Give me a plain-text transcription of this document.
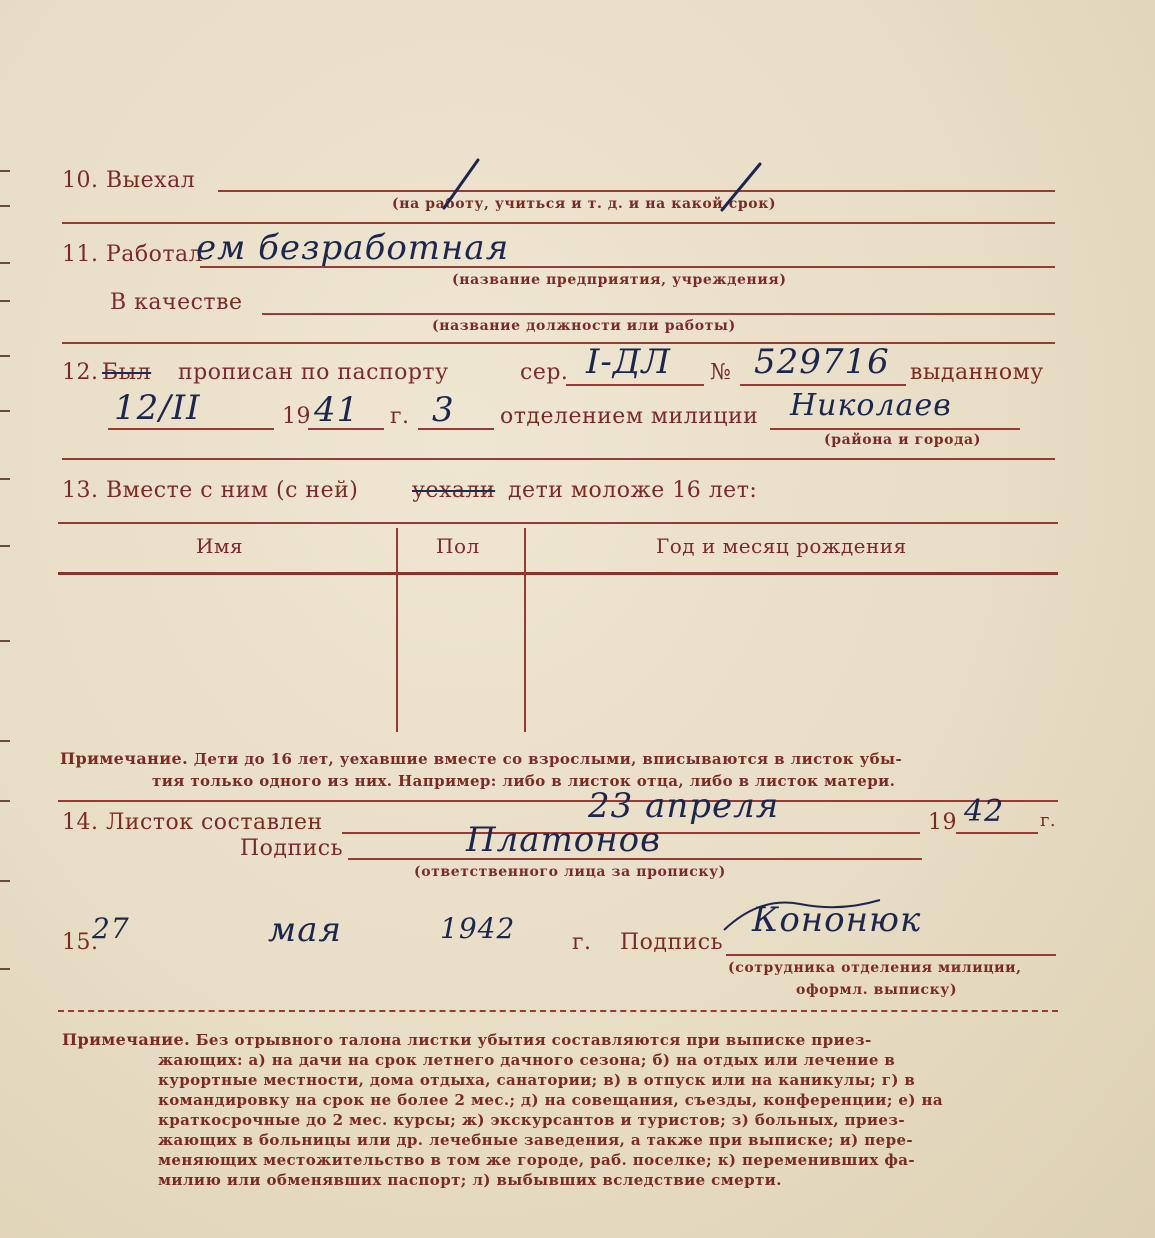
10. Выехал
(на работу, учиться и т. д. и на какой срок)
11. Работал
ем безработная
(название предприятия, учреждения)
В качестве
(название должности или работы)
12. Был прописан по паспорту	сер. I-ДЛ № 529716 выданному
12/II	19 41 г. 3 отделением милиции Николаев
(района и города)
13. Вместе с ним (с ней) уехали дети моложе 16 лет:
Имя	Пол	Год и месяц рождения
Примечание. Дети до 16 лет, уехавшие вместе со взрослыми, вписываются в листок убы-
тия только одного из них. Например: либо в листок отца, либо в листок матери.
14. Листок составлен	23 апреля	19 42 г.
Подпись	Платонов
(ответственного лица за прописку)
15.
27	мая	1942	г. Подпись
Кононюк
(сотрудника отделения милиции,
оформл. выписку)
Примечание. Без отрывного талона листки убытия составляются при выписке приез-
жающих: а) на дачи на срок летнего дачного сезона; б) на отдых или лечение в
курортные местности, дома отдыха, санатории; в) в отпуск или на каникулы; г) в
командировку на срок не более 2 мес.; д) на совещания, съезды, конференции; е) на
краткосрочные до 2 мес. курсы; ж) экскурсантов и туристов; з) больных, приез-
жающих в больницы или др. лечебные заведения, а также при выписке; и) пере-
меняющих местожительство в том же городе, раб. поселке; к) переменивших фа-
милию или обменявших паспорт; л) выбывших вследствие смерти.
